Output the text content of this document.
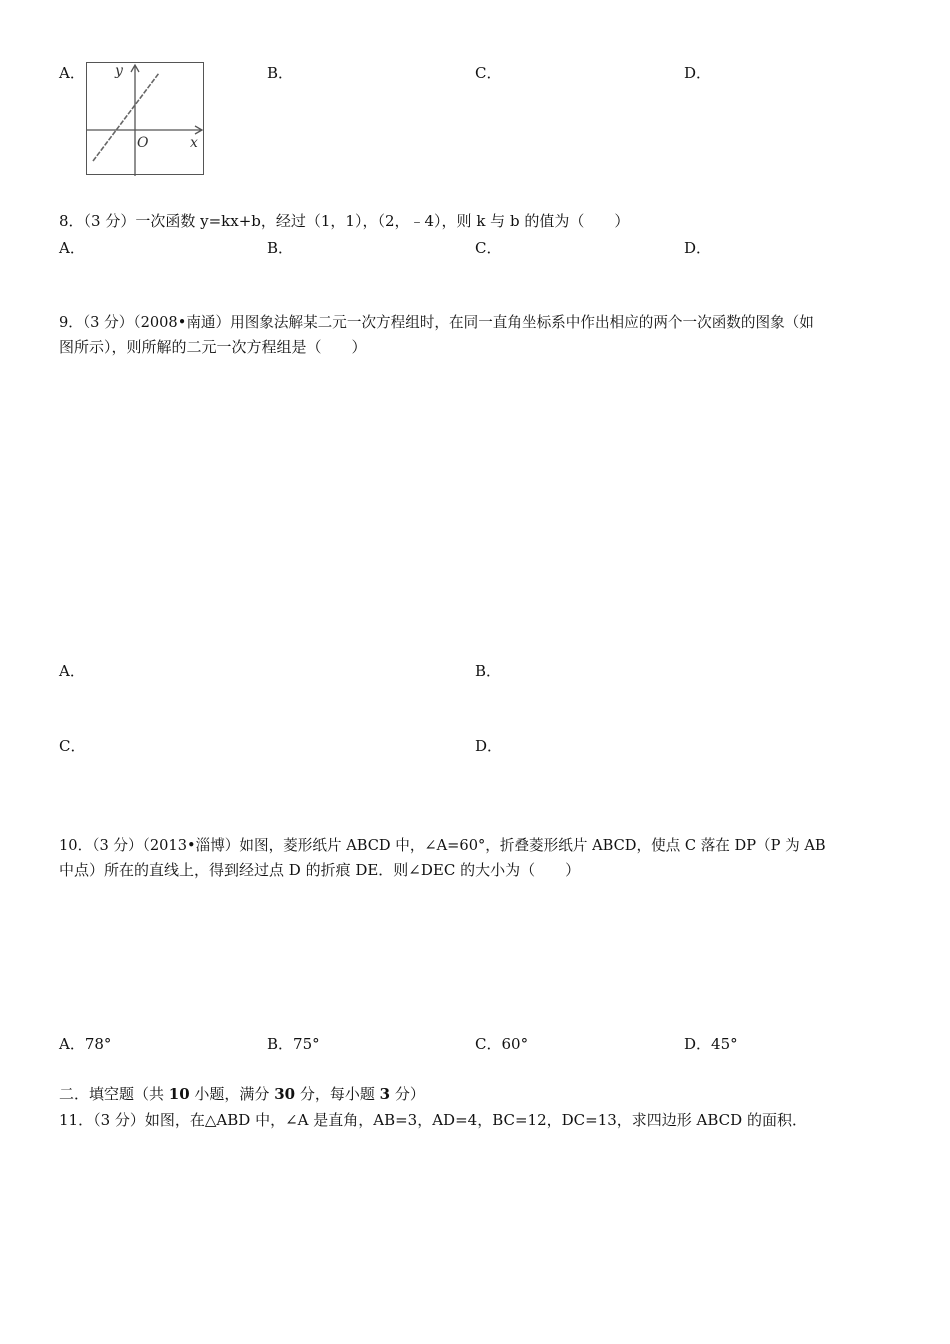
A． y
x
O
B．	C．	D．
8．（3 分）一次函数 y=kx+b，经过（1，1），（2，﹣4），则 k 与 b 的值为（　　）
A．	B．	C．	D．
9．（3 分）（2008•南通）用图象法解某二元一次方程组时，在同一直角坐标系中作出相应的两个一次函数的图象（如
图所示），则所解的二元一次方程组是（　　）
A．	B．
C．	D．
10．（3 分）（2013•淄博）如图，菱形纸片 ABCD 中，∠A=60°，折叠菱形纸片 ABCD，使点 C 落在 DP（P 为 AB
中点）所在的直线上，得到经过点 D 的折痕 DE．则∠DEC 的大小为（　　）
A．78°	B．75°	C．60°	D．45°
二．填空题（共 10 小题，满分 30 分，每小题 3 分）
11．（3 分）如图，在△ABD 中，∠A 是直角，AB=3，AD=4，BC=12，DC=13，求四边形 ABCD 的面积．
